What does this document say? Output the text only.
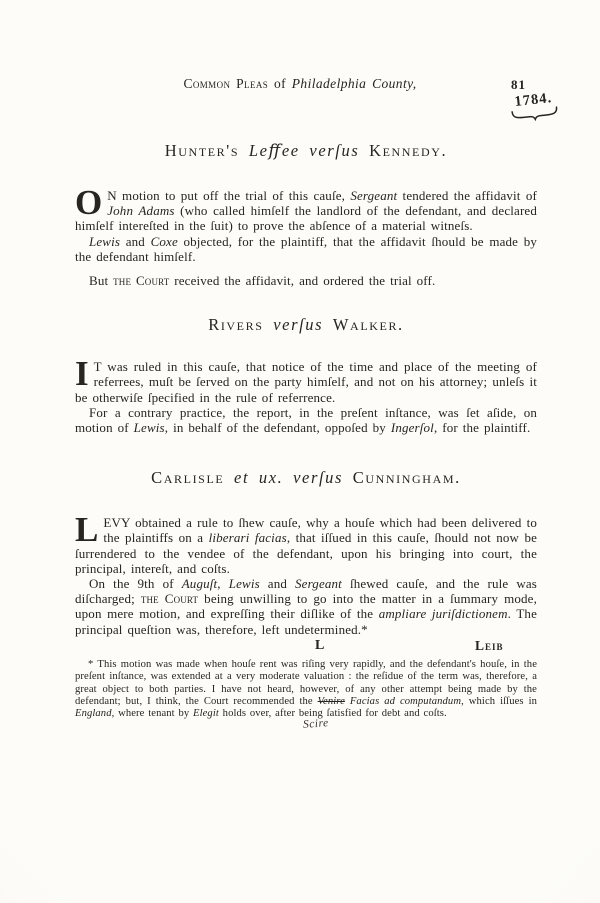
Common Pleas of Philadelphia County,	81
1784.
Hunter's Leﬀee verſus Kennedy.

O N motion to put off the trial of this cauſe, Sergeant tendered the affidavit of John Adams (who called himſelf the landlord of the defendant, and declared himſelf intereſted in the ſuit) to prove the abſence of a material witneſs.

Lewis and Coxe objected, for the plaintiff, that the affidavit ſhould be made by the defendant himſelf.

But the Court received the affidavit, and ordered the trial off.

Rivers verſus Walker.

I T was ruled in this cauſe, that notice of the time and place of the meeting of referrees, muſt be ſerved on the party himſelf, and not on his attorney; unleſs it be otherwiſe ſpecified in the rule of referrence.

For a contrary practice, the report, in the preſent inſtance, was ſet aſide, on motion of Lewis, in behalf of the defendant, oppoſed by Ingerſol, for the plaintiff.

Carlisle et ux. verſus Cunningham.

LEVY obtained a rule to ſhew cauſe, why a houſe which had been delivered to the plaintiffs on a liberari facias, that iſſued in this cauſe, ſhould not now be ſurrendered to the vendee of the defendant, upon his bringing into court, the principal, intereſt, and coſts.

On the 9th of Auguſt, Lewis and Sergeant ſhewed cauſe, and the rule was diſcharged; the Court being unwilling to go into the matter in a ſummary mode, upon mere motion, and expreſſing their diſlike of the ampliare juriſdictionem. The principal queſtion was, therefore, left undetermined.*

L	Leib

* This motion was made when houſe rent was riſing very rapidly, and the defendant's houſe, in the preſent inſtance, was extended at a very moderate valuation : the reſidue of the term was, therefore, a great object to both parties. I have not heard, however, of any other attempt being made by the defendant; but, I think, the Court recommended the Venire Facias ad computandum, which iſſues in England, where tenant by Elegit holds over, after being ſatisfied for debt and coſts.

Scire
